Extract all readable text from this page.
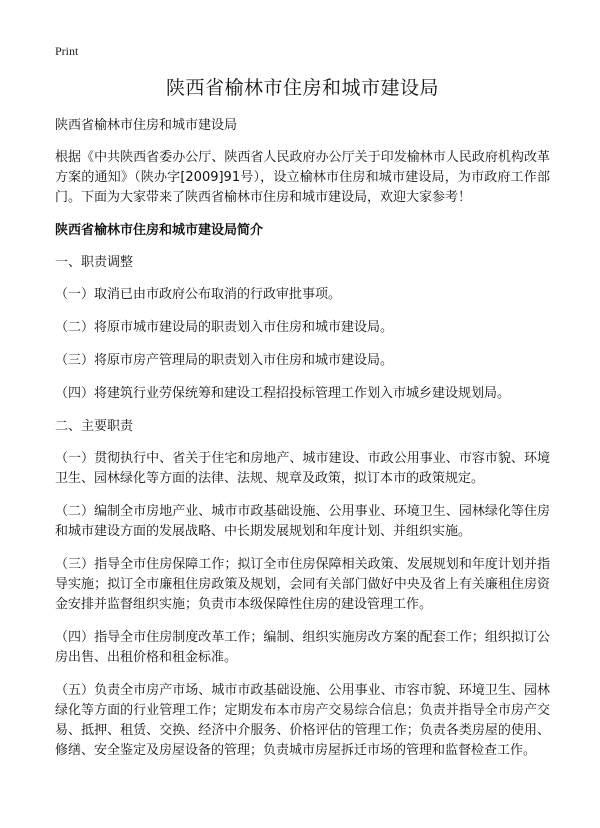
Print
陕西省榆林市住房和城市建设局

陕西省榆林市住房和城市建设局

根据《中共陕西省委办公厅、陕西省人民政府办公厅关于印发榆林市人民政府机构改革方案的通知》（陕办字[2009]91号），设立榆林市住房和城市建设局，为市政府工作部门。下面为大家带来了陕西省榆林市住房和城市建设局，欢迎大家参考！

陕西省榆林市住房和城市建设局简介

一、职责调整

（一）取消已由市政府公布取消的行政审批事项。

（二）将原市城市建设局的职责划入市住房和城市建设局。

（三）将原市房产管理局的职责划入市住房和城市建设局。

（四）将建筑行业劳保统筹和建设工程招投标管理工作划入市城乡建设规划局。

二、主要职责

（一）贯彻执行中、省关于住宅和房地产、城市建设、市政公用事业、市容市貌、环境卫生、园林绿化等方面的法律、法规、规章及政策，拟订本市的政策规定。

（二）编制全市房地产业、城市市政基础设施、公用事业、环境卫生、园林绿化等住房和城市建设方面的发展战略、中长期发展规划和年度计划、并组织实施。

（三）指导全市住房保障工作；拟订全市住房保障相关政策、发展规划和年度计划并指导实施；拟订全市廉租住房政策及规划，会同有关部门做好中央及省上有关廉租住房资金安排并监督组织实施；负责市本级保障性住房的建设管理工作。

（四）指导全市住房制度改革工作；编制、组织实施房改方案的配套工作；组织拟订公房出售、出租价格和租金标准。

（五）负责全市房产市场、城市市政基础设施、公用事业、市容市貌、环境卫生、园林绿化等方面的行业管理工作；定期发布本市房产交易综合信息；负责并指导全市房产交易、抵押、租赁、交换、经济中介服务、价格评估的管理工作；负责各类房屋的使用、修缮、安全鉴定及房屋设备的管理；负责城市房屋拆迁市场的管理和监督检查工作。
